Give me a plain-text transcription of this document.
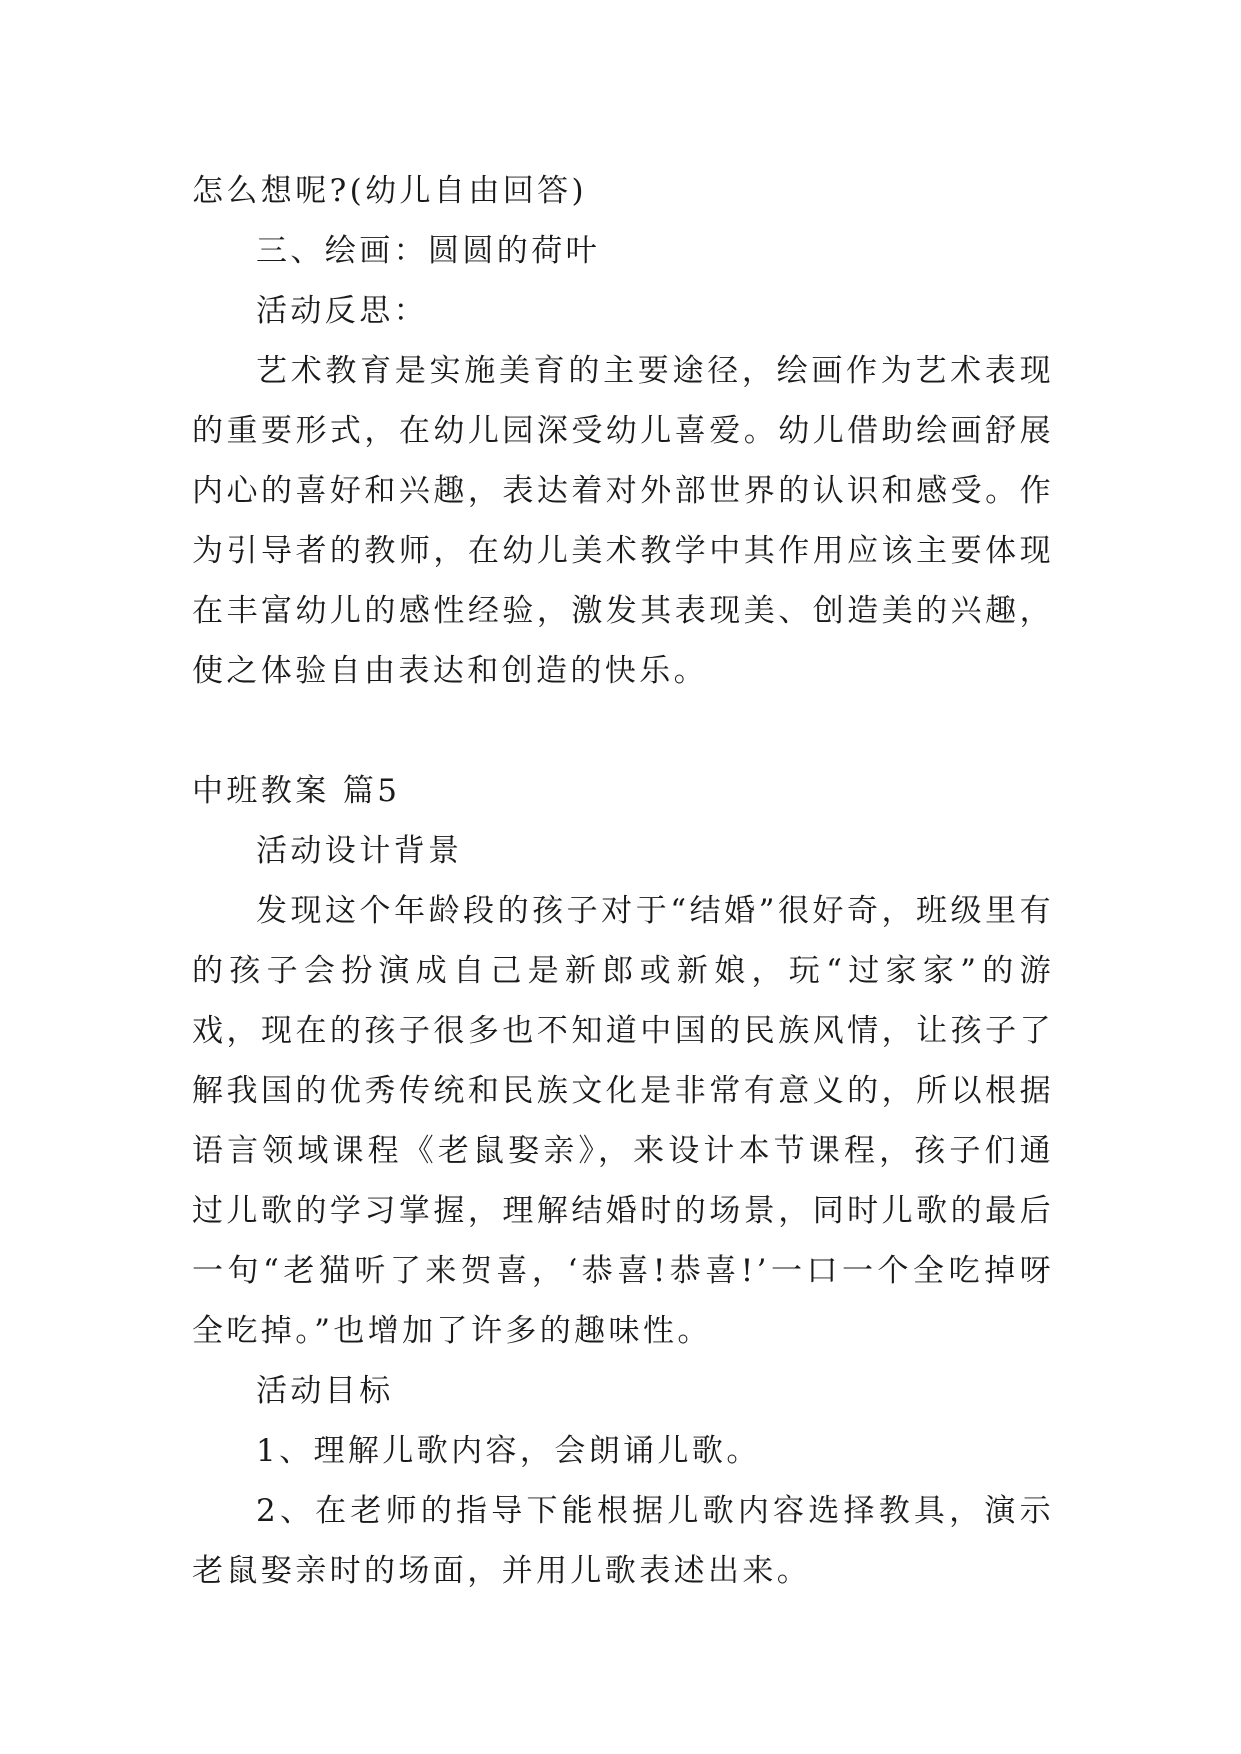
怎么想呢?(幼儿自由回答)

三、绘画：圆圆的荷叶

活动反思：

艺术教育是实施美育的主要途径，绘画作为艺术表现的重要形式，在幼儿园深受幼儿喜爱。幼儿借助绘画舒展内心的喜好和兴趣，表达着对外部世界的认识和感受。作为引导者的教师，在幼儿美术教学中其作用应该主要体现在丰富幼儿的感性经验，激发其表现美、创造美的兴趣，使之体验自由表达和创造的快乐。

中班教案 篇5

活动设计背景

发现这个年龄段的孩子对于“结婚”很好奇，班级里有的孩子会扮演成自己是新郎或新娘，玩“过家家”的游戏，现在的孩子很多也不知道中国的民族风情，让孩子了解我国的优秀传统和民族文化是非常有意义的，所以根据语言领域课程《老鼠娶亲》，来设计本节课程，孩子们通过儿歌的学习掌握，理解结婚时的场景，同时儿歌的最后一句“老猫听了来贺喜，‘恭喜!恭喜!’一口一个全吃掉呀全吃掉。”也增加了许多的趣味性。

活动目标

1、理解儿歌内容，会朗诵儿歌。

2、在老师的指导下能根据儿歌内容选择教具，演示老鼠娶亲时的场面，并用儿歌表述出来。
